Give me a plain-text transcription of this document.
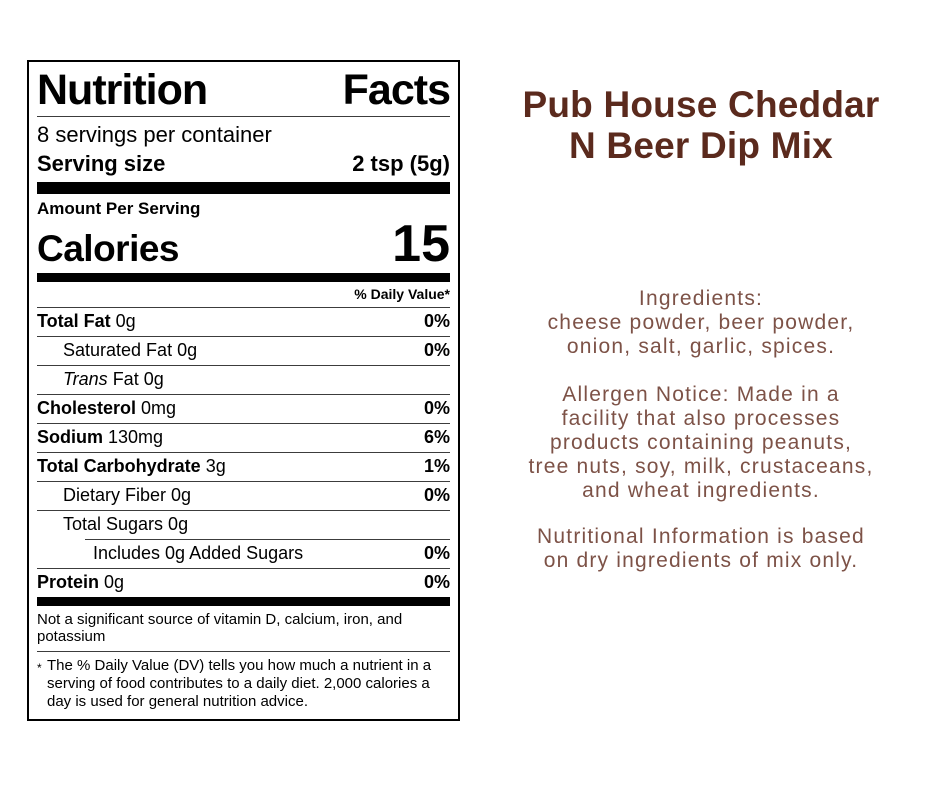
Nutrition	Facts
8 servings per container
Serving size	2 tsp (5g)
Amount Per Serving
Calories	15
% Daily Value*
Total Fat 0g	0%
Saturated Fat 0g	0%
Trans Fat 0g
Cholesterol 0mg	0%
Sodium 130mg	6%
Total Carbohydrate 3g	1%
Dietary Fiber 0g	0%
Total Sugars 0g
Includes 0g Added Sugars	0%
Protein 0g	0%
Not a significant source of vitamin D, calcium, iron, and potassium
* The % Daily Value (DV) tells you how much a nutrient in a serving of food contributes to a daily diet. 2,000 calories a day is used for general nutrition advice.
Pub House Cheddar
N Beer Dip Mix
Ingredients:
cheese powder, beer powder,
onion, salt, garlic, spices.
Allergen Notice: Made in a
facility that also processes
products containing peanuts,
tree nuts, soy, milk, crustaceans,
and wheat ingredients.
Nutritional Information is based
on dry ingredients of mix only.
